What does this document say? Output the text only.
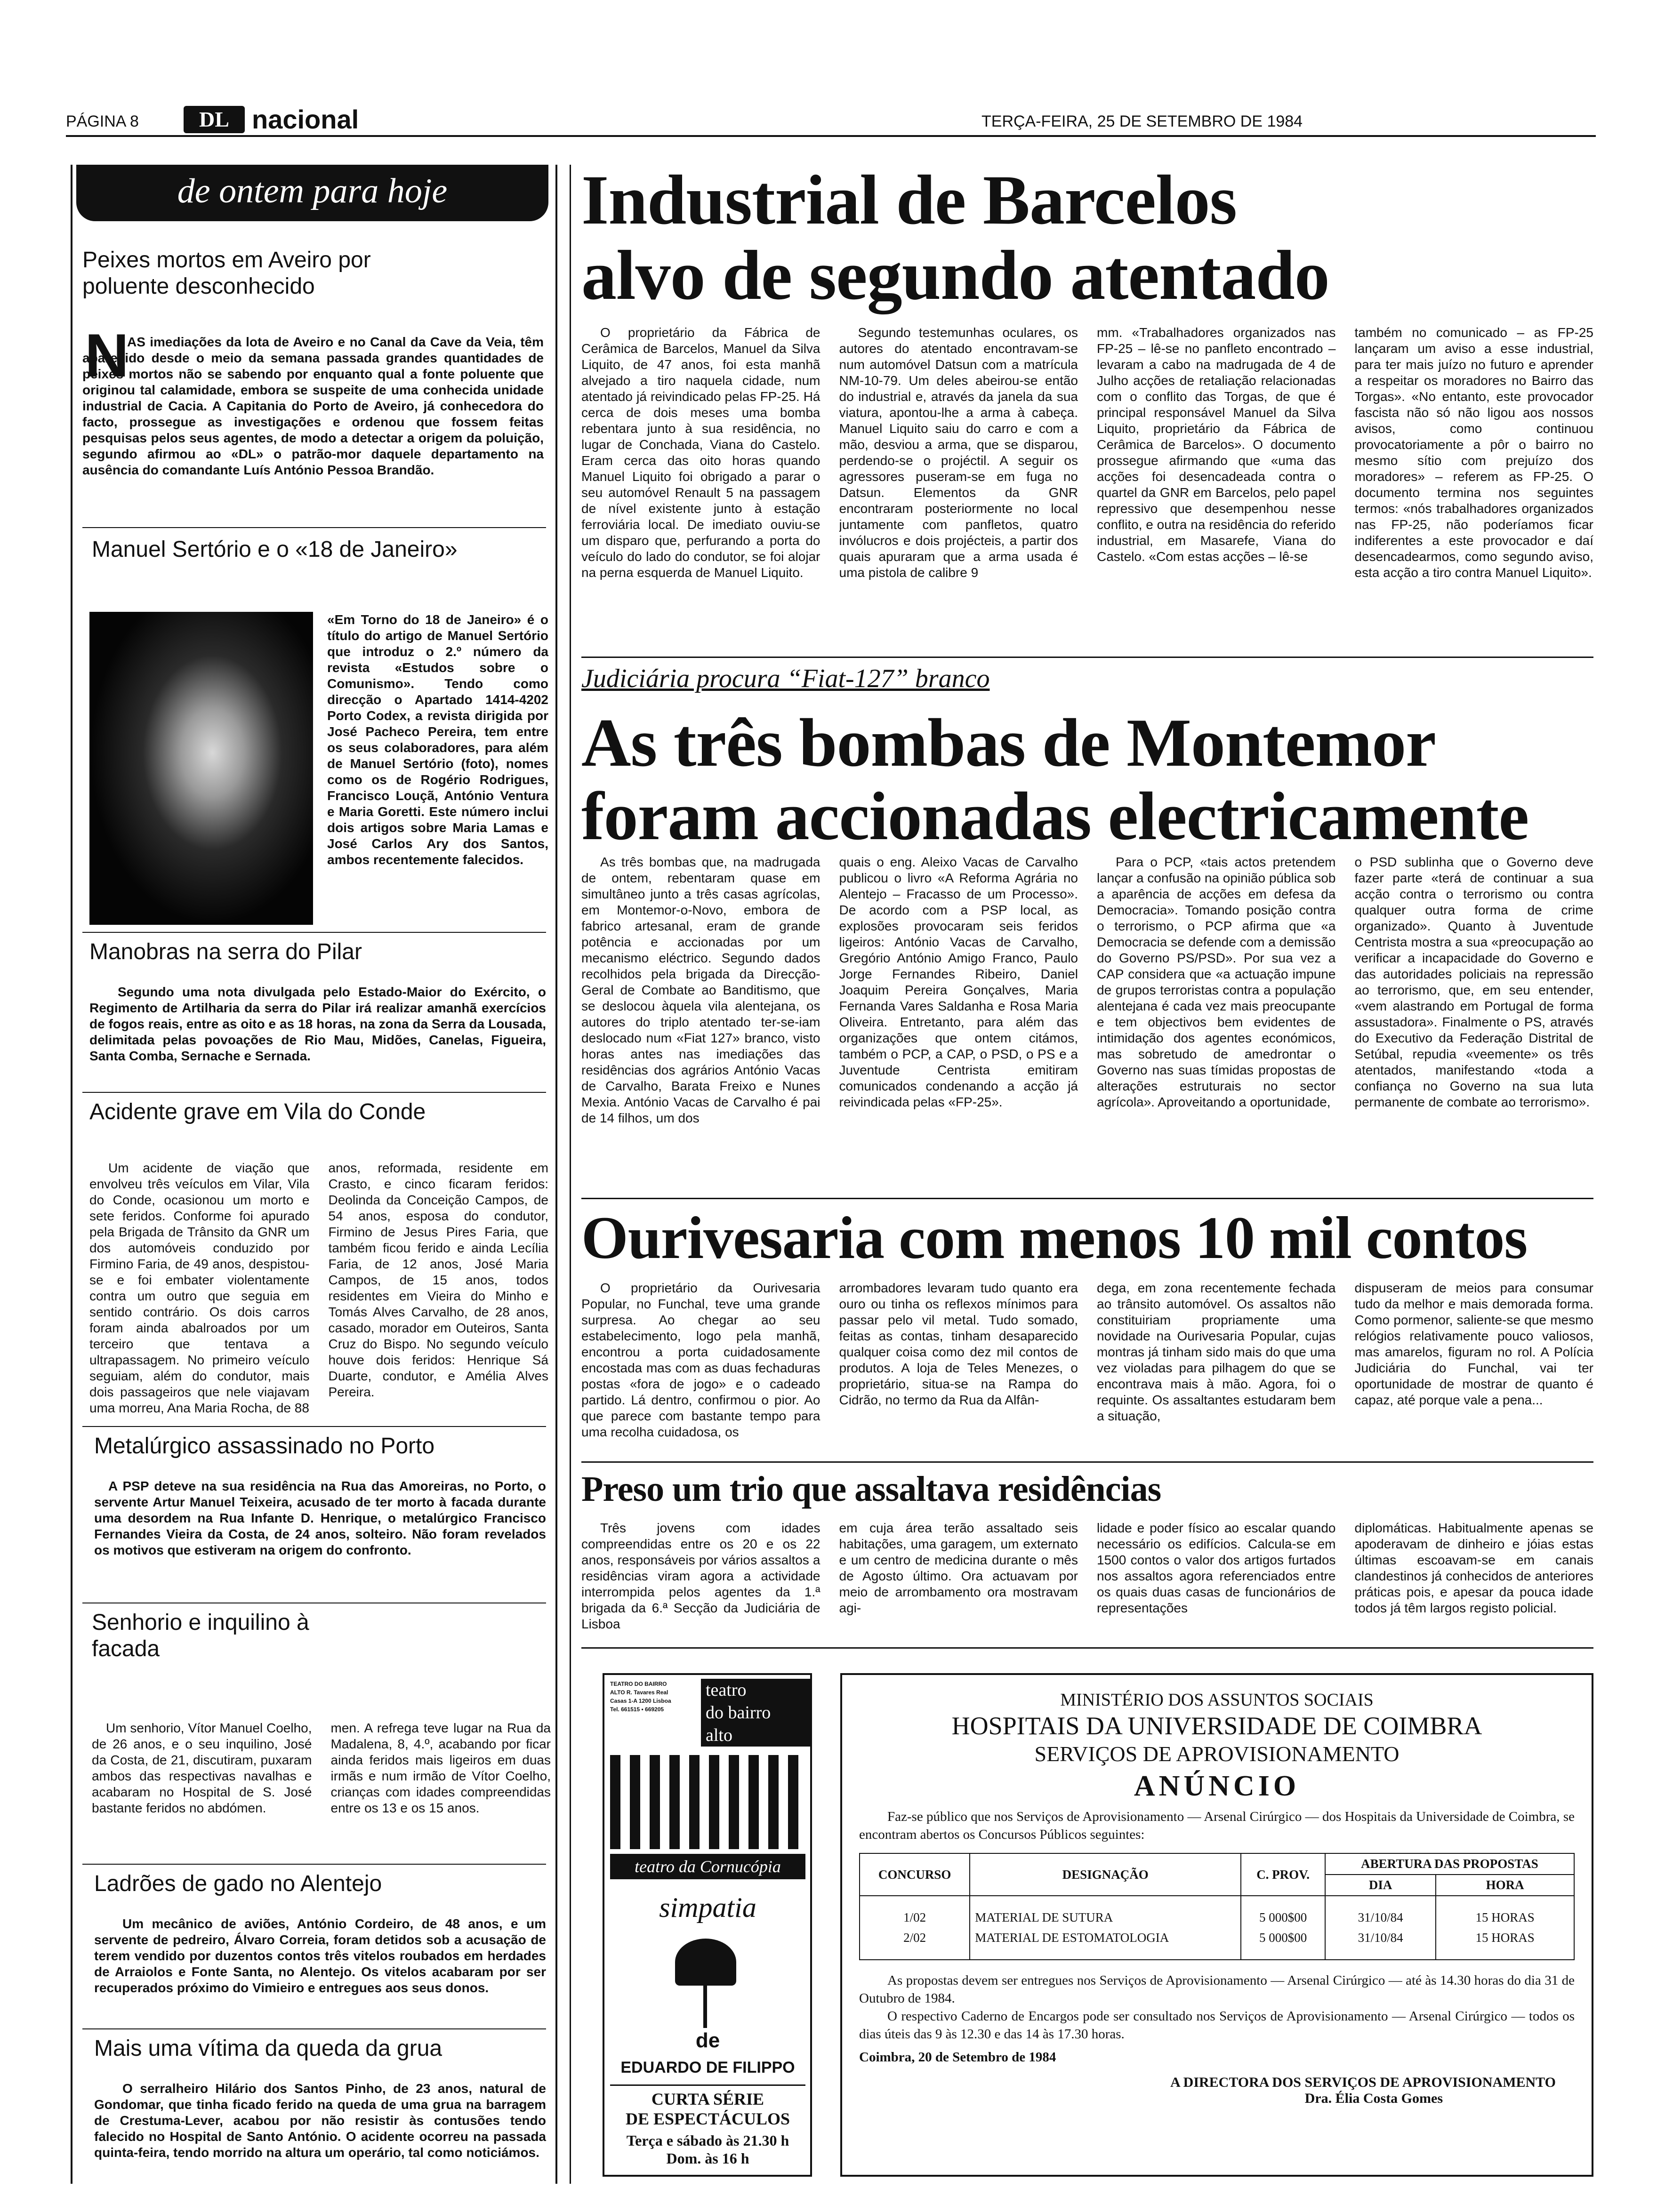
PÁGINA 8	DL nacional	TERÇA-FEIRA, 25 DE SETEMBRO DE 1984
de ontem para hoje
Peixes mortos em Aveiro por poluente desconhecido
N

AS imediações da lota de Aveiro e no Canal da Cave da Veia, têm aparecido desde o meio da semana passada grandes quantidades de peixes mortos não se sabendo por enquanto qual a fonte poluente que originou tal calamidade, embora se suspeite de uma conhecida unidade industrial de Cacia. A Capitania do Porto de Aveiro, já conhecedora do facto, prossegue as investigações e ordenou que fossem feitas pesquisas pelos seus agentes, de modo a detectar a origem da poluição, segundo afirmou ao «DL» o patrão-mor daquele departamento na ausência do comandante Luís António Pessoa Brandão.

Manuel Sertório e o «18 de Janeiro»

«Em Torno do 18 de Janeiro» é o título do artigo de Manuel Sertório que introduz o 2.º número da revista «Estudos sobre o Comunismo». Tendo como direcção o Apartado 1414-4202 Porto Codex, a revista dirigida por José Pacheco Pereira, tem entre os seus colaboradores, para além de Manuel Sertório (foto), nomes como os de Rogério Rodrigues, Francisco Louçã, António Ventura e Maria Goretti. Este número inclui dois artigos sobre Maria Lamas e José Carlos Ary dos Santos, ambos recentemente falecidos.

Manobras na serra do Pilar

Segundo uma nota divulgada pelo Estado-Maior do Exército, o Regimento de Artilharia da serra do Pilar irá realizar amanhã exercícios de fogos reais, entre as oito e as 18 horas, na zona da Serra da Lousada, delimitada pelas povoações de Rio Mau, Midões, Canelas, Figueira, Santa Comba, Sernache e Sernada.

Acidente grave em Vila do Conde

Um acidente de viação que envolveu três veículos em Vilar, Vila do Conde, ocasionou um morto e sete feridos. Conforme foi apurado pela Brigada de Trânsito da GNR um dos automóveis conduzido por Firmino Faria, de 49 anos, despistou-se e foi embater violentamente contra um outro que seguia em sentido contrário. Os dois carros foram ainda abalroados por um terceiro que tentava a ultrapassagem. No primeiro veículo seguiam, além do condutor, mais dois passageiros que nele viajavam uma morreu, Ana Maria Rocha, de 88

anos, reformada, residente em Crasto, e cinco ficaram feridos: Deolinda da Conceição Campos, de 54 anos, esposa do condutor, Firmino de Jesus Pires Faria, que também ficou ferido e ainda Lecília Faria, de 12 anos, José Maria Campos, de 15 anos, todos residentes em Vieira do Minho e Tomás Alves Carvalho, de 28 anos, casado, morador em Outeiros, Santa Cruz do Bispo. No segundo veículo houve dois feridos: Henrique Sá Duarte, condutor, e Amélia Alves Pereira.

Metalúrgico assassinado no Porto

A PSP deteve na sua residência na Rua das Amoreiras, no Porto, o servente Artur Manuel Teixeira, acusado de ter morto à facada durante uma desordem na Rua Infante D. Henrique, o metalúrgico Francisco Fernandes Vieira da Costa, de 24 anos, solteiro. Não foram revelados os motivos que estiveram na origem do confronto.

Senhorio e inquilino à facada

Um senhorio, Vítor Manuel Coelho, de 26 anos, e o seu inquilino, José da Costa, de 21, discutiram, puxaram ambos das respectivas navalhas e acabaram no Hospital de S. José bastante feridos no abdómen.

men. A refrega teve lugar na Rua da Madalena, 8, 4.º, acabando por ficar ainda feridos mais ligeiros em duas irmãs e num irmão de Vítor Coelho, crianças com idades compreendidas entre os 13 e os 15 anos.

Ladrões de gado no Alentejo

Um mecânico de aviões, António Cordeiro, de 48 anos, e um servente de pedreiro, Álvaro Correia, foram detidos sob a acusação de terem vendido por duzentos contos três vitelos roubados em herdades de Arraiolos e Fonte Santa, no Alentejo. Os vitelos acabaram por ser recuperados próximo do Vimieiro e entregues aos seus donos.

Mais uma vítima da queda da grua

O serralheiro Hilário dos Santos Pinho, de 23 anos, natural de Gondomar, que tinha ficado ferido na queda de uma grua na barragem de Crestuma-Lever, acabou por não resistir às contusões tendo falecido no Hospital de Santo António. O acidente ocorreu na passada quinta-feira, tendo morrido na altura um operário, tal como noticiámos.

Industrial de Barcelos
alvo de segundo atentado

O proprietário da Fábrica de Cerâmica de Barcelos, Manuel da Silva Liquito, de 47 anos, foi esta manhã alvejado a tiro naquela cidade, num atentado já reivindicado pelas FP-25. Há cerca de dois meses uma bomba rebentara junto à sua residência, no lugar de Conchada, Viana do Castelo. Eram cerca das oito horas quando Manuel Liquito foi obrigado a parar o seu automóvel Renault 5 na passagem de nível existente junto à estação ferroviária local. De imediato ouviu-se um disparo que, perfurando a porta do veículo do lado do condutor, se foi alojar na perna esquerda de Manuel Liquito.

Segundo testemunhas oculares, os autores do atentado encontravam-se num automóvel Datsun com a matrícula NM-10-79. Um deles abeirou-se então do industrial e, através da janela da sua viatura, apontou-lhe a arma à cabeça. Manuel Liquito saiu do carro e com a mão, desviou a arma, que se disparou, perdendo-se o projéctil. A seguir os agressores puseram-se em fuga no Datsun. Elementos da GNR encontraram posteriormente no local juntamente com panfletos, quatro invólucros e dois projécteis, a partir dos quais apuraram que a arma usada é uma pistola de calibre 9

mm. «Trabalhadores organizados nas FP-25 – lê-se no panfleto encontrado – levaram a cabo na madrugada de 4 de Julho acções de retaliação relacionadas com o conflito das Torgas, de que é principal responsável Manuel da Silva Liquito, proprietário da Fábrica de Cerâmica de Barcelos». O documento prossegue afirmando que «uma das acções foi desencadeada contra o quartel da GNR em Barcelos, pelo papel repressivo que desempenhou nesse conflito, e outra na residência do referido industrial, em Masarefe, Viana do Castelo. «Com estas acções – lê-se

também no comunicado – as FP-25 lançaram um aviso a esse industrial, para ter mais juízo no futuro e aprender a respeitar os moradores no Bairro das Torgas». «No entanto, este provocador fascista não só não ligou aos nossos avisos, como continuou provocatoriamente a pôr o bairro no mesmo sítio com prejuízo dos moradores» – referem as FP-25. O documento termina nos seguintes termos: «nós trabalhadores organizados nas FP-25, não poderíamos ficar indiferentes a este provocador e daí desencadearmos, como segundo aviso, esta acção a tiro contra Manuel Liquito».

Judiciária procura “Fiat-127” branco
As três bombas de Montemor
foram accionadas electricamente

As três bombas que, na madrugada de ontem, rebentaram quase em simultâneo junto a três casas agrícolas, em Montemor-o-Novo, embora de fabrico artesanal, eram de grande potência e accionadas por um mecanismo eléctrico. Segundo dados recolhidos pela brigada da Direcção-Geral de Combate ao Banditismo, que se deslocou àquela vila alentejana, os autores do triplo atentado ter-se-iam deslocado num «Fiat 127» branco, visto horas antes nas imediações das residências dos agrários António Vacas de Carvalho, Barata Freixo e Nunes Mexia. António Vacas de Carvalho é pai de 14 filhos, um dos

quais o eng. Aleixo Vacas de Carvalho publicou o livro «A Reforma Agrária no Alentejo – Fracasso de um Processo». De acordo com a PSP local, as explosões provocaram seis feridos ligeiros: António Vacas de Carvalho, Gregório António Amigo Franco, Paulo Jorge Fernandes Ribeiro, Daniel Joaquim Pereira Gonçalves, Maria Fernanda Vares Saldanha e Rosa Maria Oliveira. Entretanto, para além das organizações que ontem citámos, também o PCP, a CAP, o PSD, o PS e a Juventude Centrista emitiram comunicados condenando a acção já reivindicada pelas «FP-25».

Para o PCP, «tais actos pretendem lançar a confusão na opinião pública sob a aparência de acções em defesa da Democracia». Tomando posição contra o terrorismo, o PCP afirma que «a Democracia se defende com a demissão do Governo PS/PSD». Por sua vez a CAP considera que «a actuação impune de grupos terroristas contra a população alentejana é cada vez mais preocupante e tem objectivos bem evidentes de intimidação dos agentes económicos, mas sobretudo de amedrontar o Governo nas suas tímidas propostas de alterações estruturais no sector agrícola». Aproveitando a oportunidade,

o PSD sublinha que o Governo deve fazer parte «terá de continuar a sua acção contra o terrorismo ou contra qualquer outra forma de crime organizado». Quanto à Juventude Centrista mostra a sua «preocupação ao verificar a incapacidade do Governo e das autoridades policiais na repressão ao terrorismo, que, em seu entender, «vem alastrando em Portugal de forma assustadora». Finalmente o PS, através do Executivo da Federação Distrital de Setúbal, repudia «veemente» os três atentados, manifestando «toda a confiança no Governo na sua luta permanente de combate ao terrorismo».

Ourivesaria com menos 10 mil contos

O proprietário da Ourivesaria Popular, no Funchal, teve uma grande surpresa. Ao chegar ao seu estabelecimento, logo pela manhã, encontrou a porta cuidadosamente encostada mas com as duas fechaduras postas «fora de jogo» e o cadeado partido. Lá dentro, confirmou o pior. Ao que parece com bastante tempo para uma recolha cuidadosa, os

arrombadores levaram tudo quanto era ouro ou tinha os reflexos mínimos para passar pelo vil metal. Tudo somado, feitas as contas, tinham desaparecido qualquer coisa como dez mil contos de produtos. A loja de Teles Menezes, o proprietário, situa-se na Rampa do Cidrão, no termo da Rua da Alfân-

dega, em zona recentemente fechada ao trânsito automóvel. Os assaltos não constituiriam propriamente uma novidade na Ourivesaria Popular, cujas montras já tinham sido mais do que uma vez violadas para pilhagem do que se encontrava mais à mão. Agora, foi o requinte. Os assaltantes estudaram bem a situação,

dispuseram de meios para consumar tudo da melhor e mais demorada forma. Como pormenor, saliente-se que mesmo relógios relativamente pouco valiosos, mas amarelos, figuram no rol. A Polícia Judiciária do Funchal, vai ter oportunidade de mostrar de quanto é capaz, até porque vale a pena...

Preso um trio que assaltava residências

Três jovens com idades compreendidas entre os 20 e os 22 anos, responsáveis por vários assaltos a residências viram agora a actividade interrompida pelos agentes da 1.ª brigada da 6.ª Secção da Judiciária de Lisboa

em cuja área terão assaltado seis habitações, uma garagem, um externato e um centro de medicina durante o mês de Agosto último. Ora actuavam por meio de arrombamento ora mostravam agi-

lidade e poder físico ao escalar quando necessário os edifícios. Calcula-se em 1500 contos o valor dos artigos furtados nos assaltos agora referenciados entre os quais duas casas de funcionários de representações

diplomáticas. Habitualmente apenas se apoderavam de dinheiro e jóias estas últimas escoavam-se em canais clandestinos já conhecidos de anteriores práticas pois, e apesar da pouca idade todos já têm largos registo policial.

TEATRO DO BAIRRO ALTO R. Tavares Real Casas 1-A 1200 Lisboa Tel. 661515 • 669205
teatro
do bairro
alto
teatro da Cornucópia
simpatia
de
EDUARDO DE FILIPPO
CURTA SÉRIE
DE ESPECTÁCULOS
Terça e sábado às 21.30 h
Dom. às 16 h
MINISTÉRIO DOS ASSUNTOS SOCIAIS
HOSPITAIS DA UNIVERSIDADE DE COIMBRA
SERVIÇOS DE APROVISIONAMENTO
ANÚNCIO

Faz-se público que nos Serviços de Aprovisionamento — Arsenal Cirúrgico — dos Hospitais da Universidade de Coimbra, se encontram abertos os Concursos Públicos seguintes:

CONCURSO	DESIGNAÇÃO	C. PROV.	ABERTURA DAS PROPOSTAS	
			DIA	HORA
1/02	MATERIAL DE SUTURA	5 000$00	31/10/84	15 HORAS
2/02	MATERIAL DE ESTOMATOLOGIA	5 000$00	31/10/84	15 HORAS

As propostas devem ser entregues nos Serviços de Aprovisionamento — Arsenal Cirúrgico — até às 14.30 horas do dia 31 de Outubro de 1984.

O respectivo Caderno de Encargos pode ser consultado nos Serviços de Aprovisionamento — Arsenal Cirúrgico — todos os dias úteis das 9 às 12.30 e das 14 às 17.30 horas.

Coimbra, 20 de Setembro de 1984
A DIRECTORA DOS SERVIÇOS DE APROVISIONAMENTO
Dra. Élia Costa Gomes
